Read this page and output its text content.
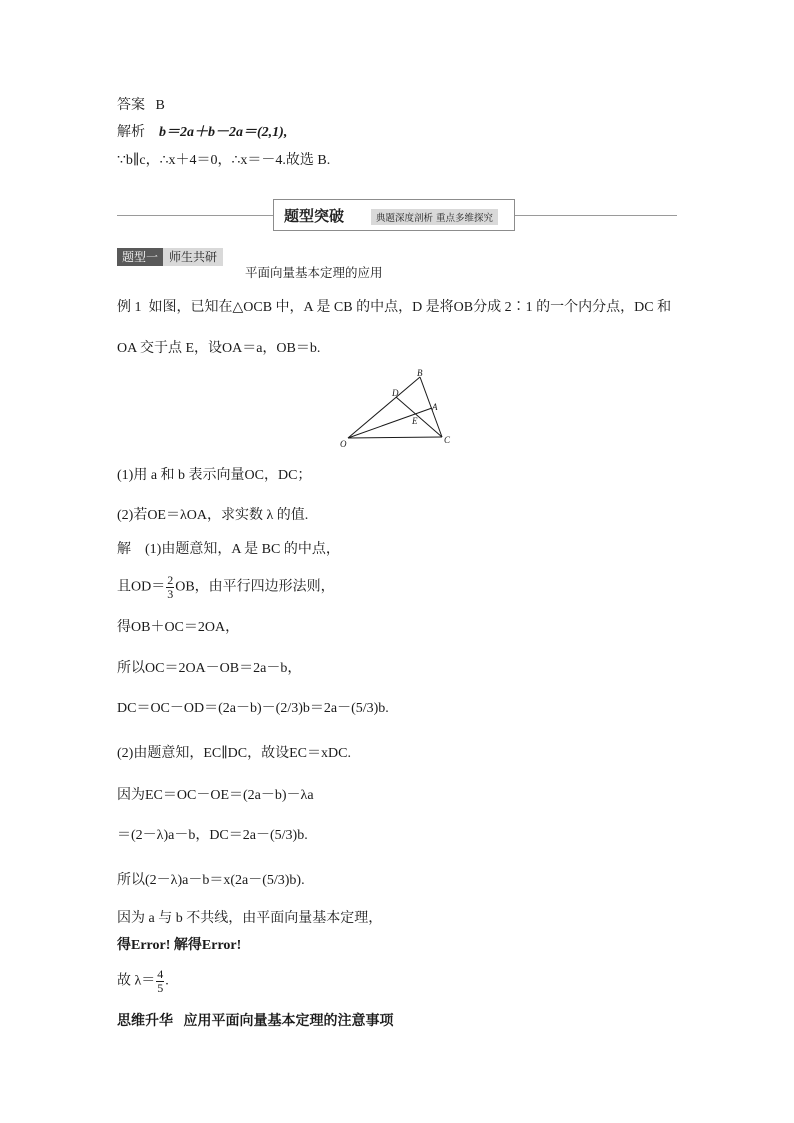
答案 B
解析 b＝2a＋b－2a＝(2,1),
∵b∥c，∴x＋4＝0，∴x＝－4.故选 B.
题型突破	典题深度剖析 重点多维探究
题型一 师生共研
平面向量基本定理的应用
例 1 如图，已知在△OCB 中，A 是 CB 的中点，D 是将OB分成 2∶1 的一个内分点，DC 和
OA 交于点 E，设OA＝a，OB＝b.
O
B
D
A
E
C
(1)用 a 和 b 表示向量OC，DC；
(2)若OE＝λOA，求实数 λ 的值.
解　(1)由题意知，A 是 BC 的中点，
且$OD= \frac{2}{3}$ OB，由平行四边形法则，
得OB＋OC＝2OA，
所以OC＝2OA－OB＝2a－b，
DC＝OC－OD＝(2a－b)－(2/3)b＝2a－(5/3)b.
(2)由题意知，EC∥DC，故设EC＝xDC.
因为EC＝OC－OE＝(2a－b)－λa
＝(2－λ)a－b，DC＝2a－(5/3)b.
所以(2－λ)a－b＝x(2a－(5/3)b).
因为 a 与 b 不共线，由平面向量基本定理，
得Error! 解得Error!
故 $\lambda= \frac{4}{5}$ .
思维升华 应用平面向量基本定理的注意事项
